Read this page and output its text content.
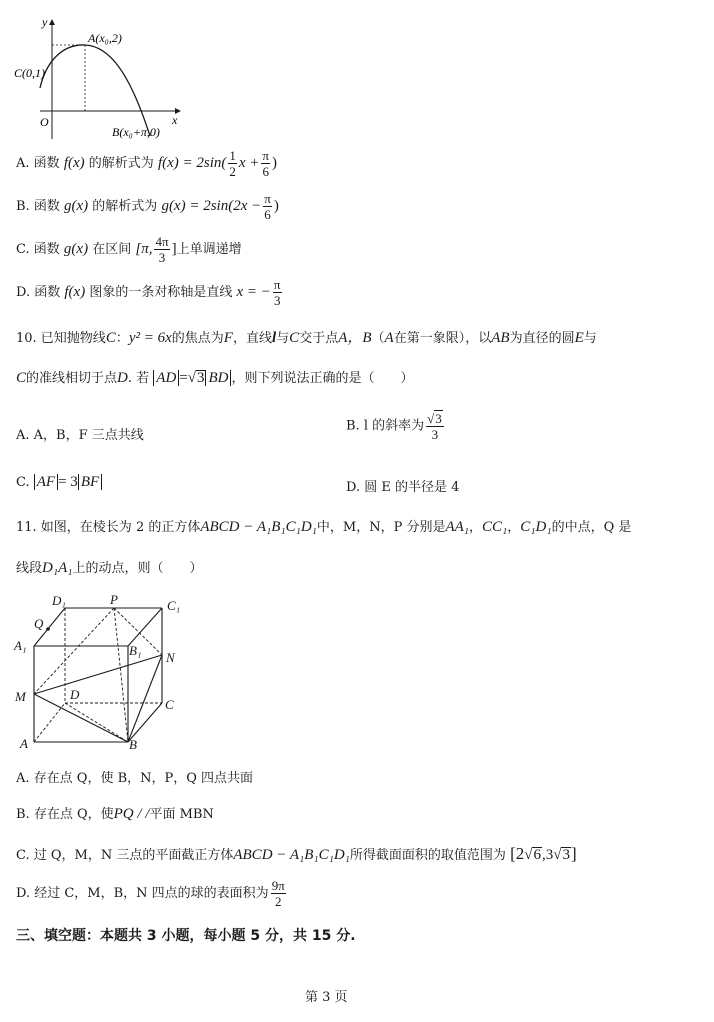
y
x
O
A(x₀,2)
C(0,1)
B(x₀+π,0)
A. 函数 f(x) 的解析式为 $f(x) = 2\sin( \frac{1}{2}$ $x + \frac{\pi}{6}$ )
B. 函数 g(x) 的解析式为 $g(x) = 2\sin(2x - \frac{\pi}{6}$ )
C. 函数 g(x) 在区间 [π, $\frac{4\pi}{3}$ ]上单调递增
D. 函数 f(x) 图象的一条对称轴是直线 x = − $\frac{\pi}{3}$
10. 已知抛物线C：y² = 6x的焦点为F，直线l与C交于点A，B（A在第一象限），以AB为直径的圆E与
C的准线相切于点D. 若 AD =√3 BD ，则下列说法正确的是（　　）
A. A，B，F 三点共线
B. l 的斜率为 $\frac{√3}{3}$
C. AF = 3 BF	D. 圆 E 的半径是 4
11. 如图，在棱长为 2 的正方体ABCD − A₁B₁C₁D₁中，M，N，P 分别是AA₁，CC₁，C₁D₁的中点，Q 是
线段D₁A₁上的动点，则（　　）
D₁	P	C₁
Q
A₁	B₁ N
M	D
C
A	B
A. 存在点 Q，使 B，N，P，Q 四点共面
B. 存在点 Q，使PQ / /平面 MBN
C. 过 Q，M，N 三点的平面截正方体ABCD − A₁B₁C₁D₁所得截面面积的取值范围为 [2√6,3√3]
D. 经过 C，M，B，N 四点的球的表面积为 $\frac{9\pi}{2}$
三、填空题：本题共 3 小题，每小题 5 分，共 15 分.
第 3 页
